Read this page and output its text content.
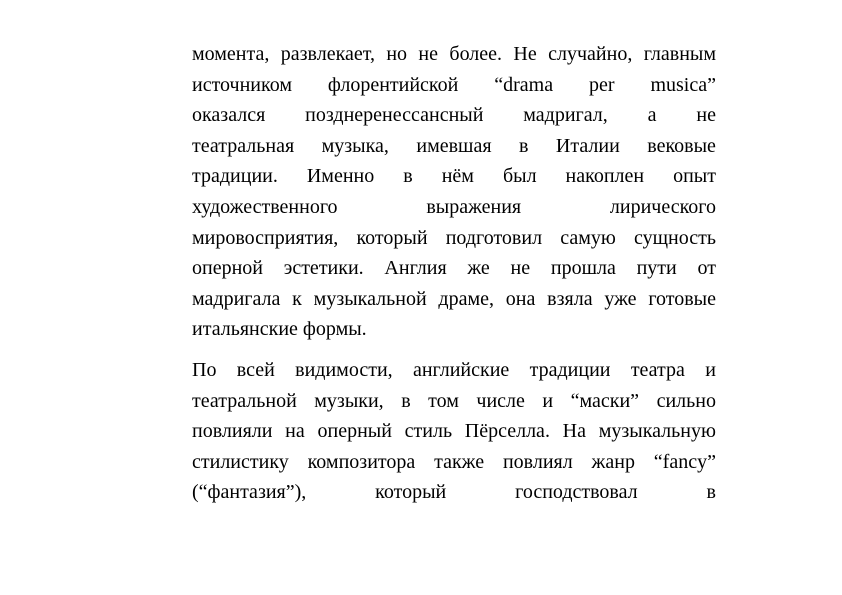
момента, развлекает, но не более. Не случайно, главным
источником флорентийской “drama per musica”
оказался позднеренессансный мадригал, а не
театральная музыка, имевшая в Италии вековые
традиции. Именно в нём был накоплен опыт
художественного	выражения	лирического
мировосприятия, который подготовил самую сущность
оперной эстетики. Англия же не прошла пути от
мадригала к музыкальной драме, она взяла уже готовые
итальянские формы.
По всей видимости, английские традиции театра и
театральной музыки, в том числе и “маски” сильно
повлияли на оперный стиль Пёрселла. На музыкальную
стилистику композитора также повлиял жанр “fancy”
(“фантазия”),	который	господствовал	в
